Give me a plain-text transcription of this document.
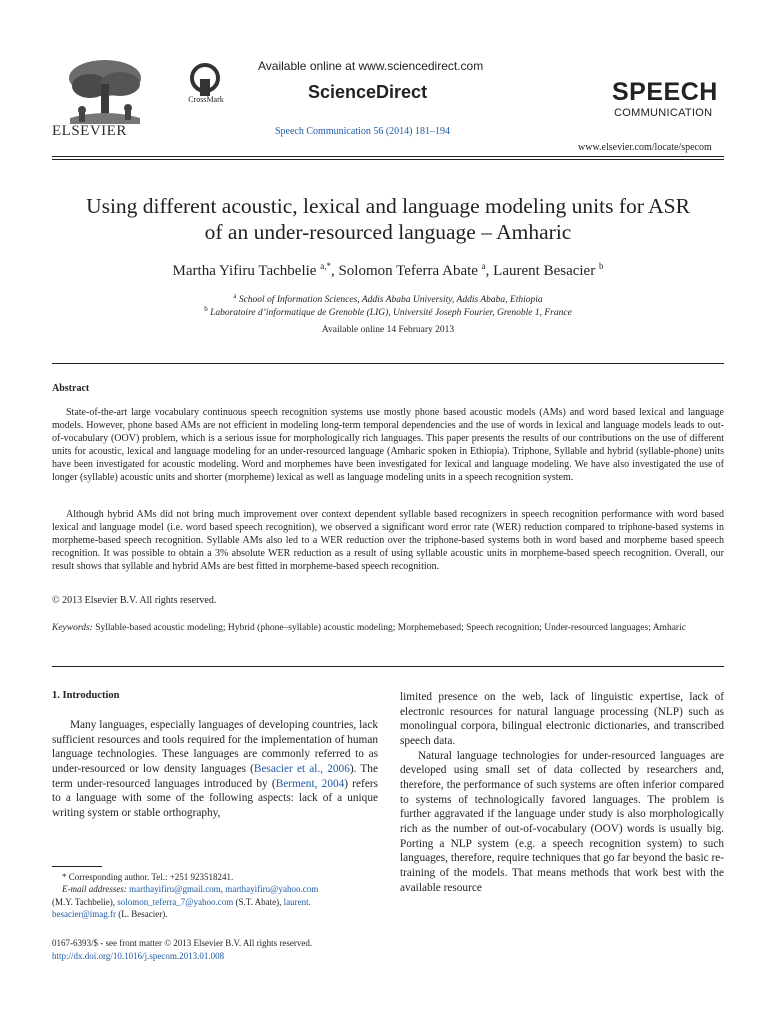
ELSEVIER
CrossMark
Available online at www.sciencedirect.com
ScienceDirect
Speech Communication 56 (2014) 181–194
SPEECH
COMMUNICATION
www.elsevier.com/locate/specom
Using different acoustic, lexical and language modeling units for ASR
of an under-resourced language – Amharic
Martha Yifiru Tachbelie $^{a,*}$, Solomon Teferra Abate $^a$, Laurent Besacier $^b$
$^a$ School of Information Sciences, Addis Ababa University, Addis Ababa, Ethiopia
$^b$ Laboratoire d’informatique de Grenoble (LIG), Université Joseph Fourier, Grenoble 1, France
Available online 14 February 2013
Abstract

State-of-the-art large vocabulary continuous speech recognition systems use mostly phone based acoustic models (AMs) and word based lexical and language models. However, phone based AMs are not efficient in modeling long-term temporal dependencies and the use of words in lexical and language models leads to out-of-vocabulary (OOV) problem, which is a serious issue for morphologically rich languages. This paper presents the results of our contributions on the use of different units for acoustic, lexical and language modeling for an under-resourced language (Amharic spoken in Ethiopia). Triphone, Syllable and hybrid (syllable-phone) units have been investigated for acoustic modeling. Word and morphemes have been investigated for lexical and language modeling. We have also investigated the use of longer (syllable) acoustic units and shorter (morpheme) lexical as well as language modeling units in a speech recognition system.

Although hybrid AMs did not bring much improvement over context dependent syllable based recognizers in speech recognition performance with word based lexical and language model (i.e. word based speech recognition), we observed a significant word error rate (WER) reduction compared to triphone-based systems in morpheme-based speech recognition. Syllable AMs also led to a WER reduction over the triphone-based systems both in word based and morpheme based speech recognition. It was possible to obtain a 3% absolute WER reduction as a result of using syllable acoustic units in morpheme-based speech recognition. Overall, our result shows that syllable and hybrid AMs are best fitted in morpheme-based speech recognition.

© 2013 Elsevier B.V. All rights reserved.
Keywords: Syllable-based acoustic modeling; Hybrid (phone–syllable) acoustic modeling; Morphemebased; Speech recognition; Under-resourced languages; Amharic
1. Introduction

Many languages, especially languages of developing countries, lack sufficient resources and tools required for the implementation of human language technologies. These languages are commonly referred to as under-resourced or low density languages (Besacier et al., 2006). The term under-resourced languages introduced by (Berment, 2004) refers to a language with some of the following aspects: lack of a unique writing system or stable orthography,

limited presence on the web, lack of linguistic expertise, lack of electronic resources for natural language processing (NLP) such as monolingual corpora, bilingual electronic dictionaries, and transcribed speech data.

Natural language technologies for under-resourced languages are developed using small set of data collected by researchers and, therefore, the performance of such systems are often inferior compared to systems of technologically favored languages. The problem is further aggravated if the language under study is also morphologically rich as the number of out-of-vocabulary (OOV) words is usually big. Porting a NLP system (e.g. a speech recognition system) to such languages, therefore, require techniques that go far beyond the basic re-training of the models. That means methods that work best with the available resource

* Corresponding author. Tel.: +251 923518241.
E-mail addresses: marthayifiru@gmail.com, marthayifiru@yahoo.com
(M.Y. Tachbelie), solomon_teferra_7@yahoo.com (S.T. Abate), laurent.
besacier@imag.fr (L. Besacier).
0167-6393/$ - see front matter © 2013 Elsevier B.V. All rights reserved.
http://dx.doi.org/10.1016/j.specom.2013.01.008
